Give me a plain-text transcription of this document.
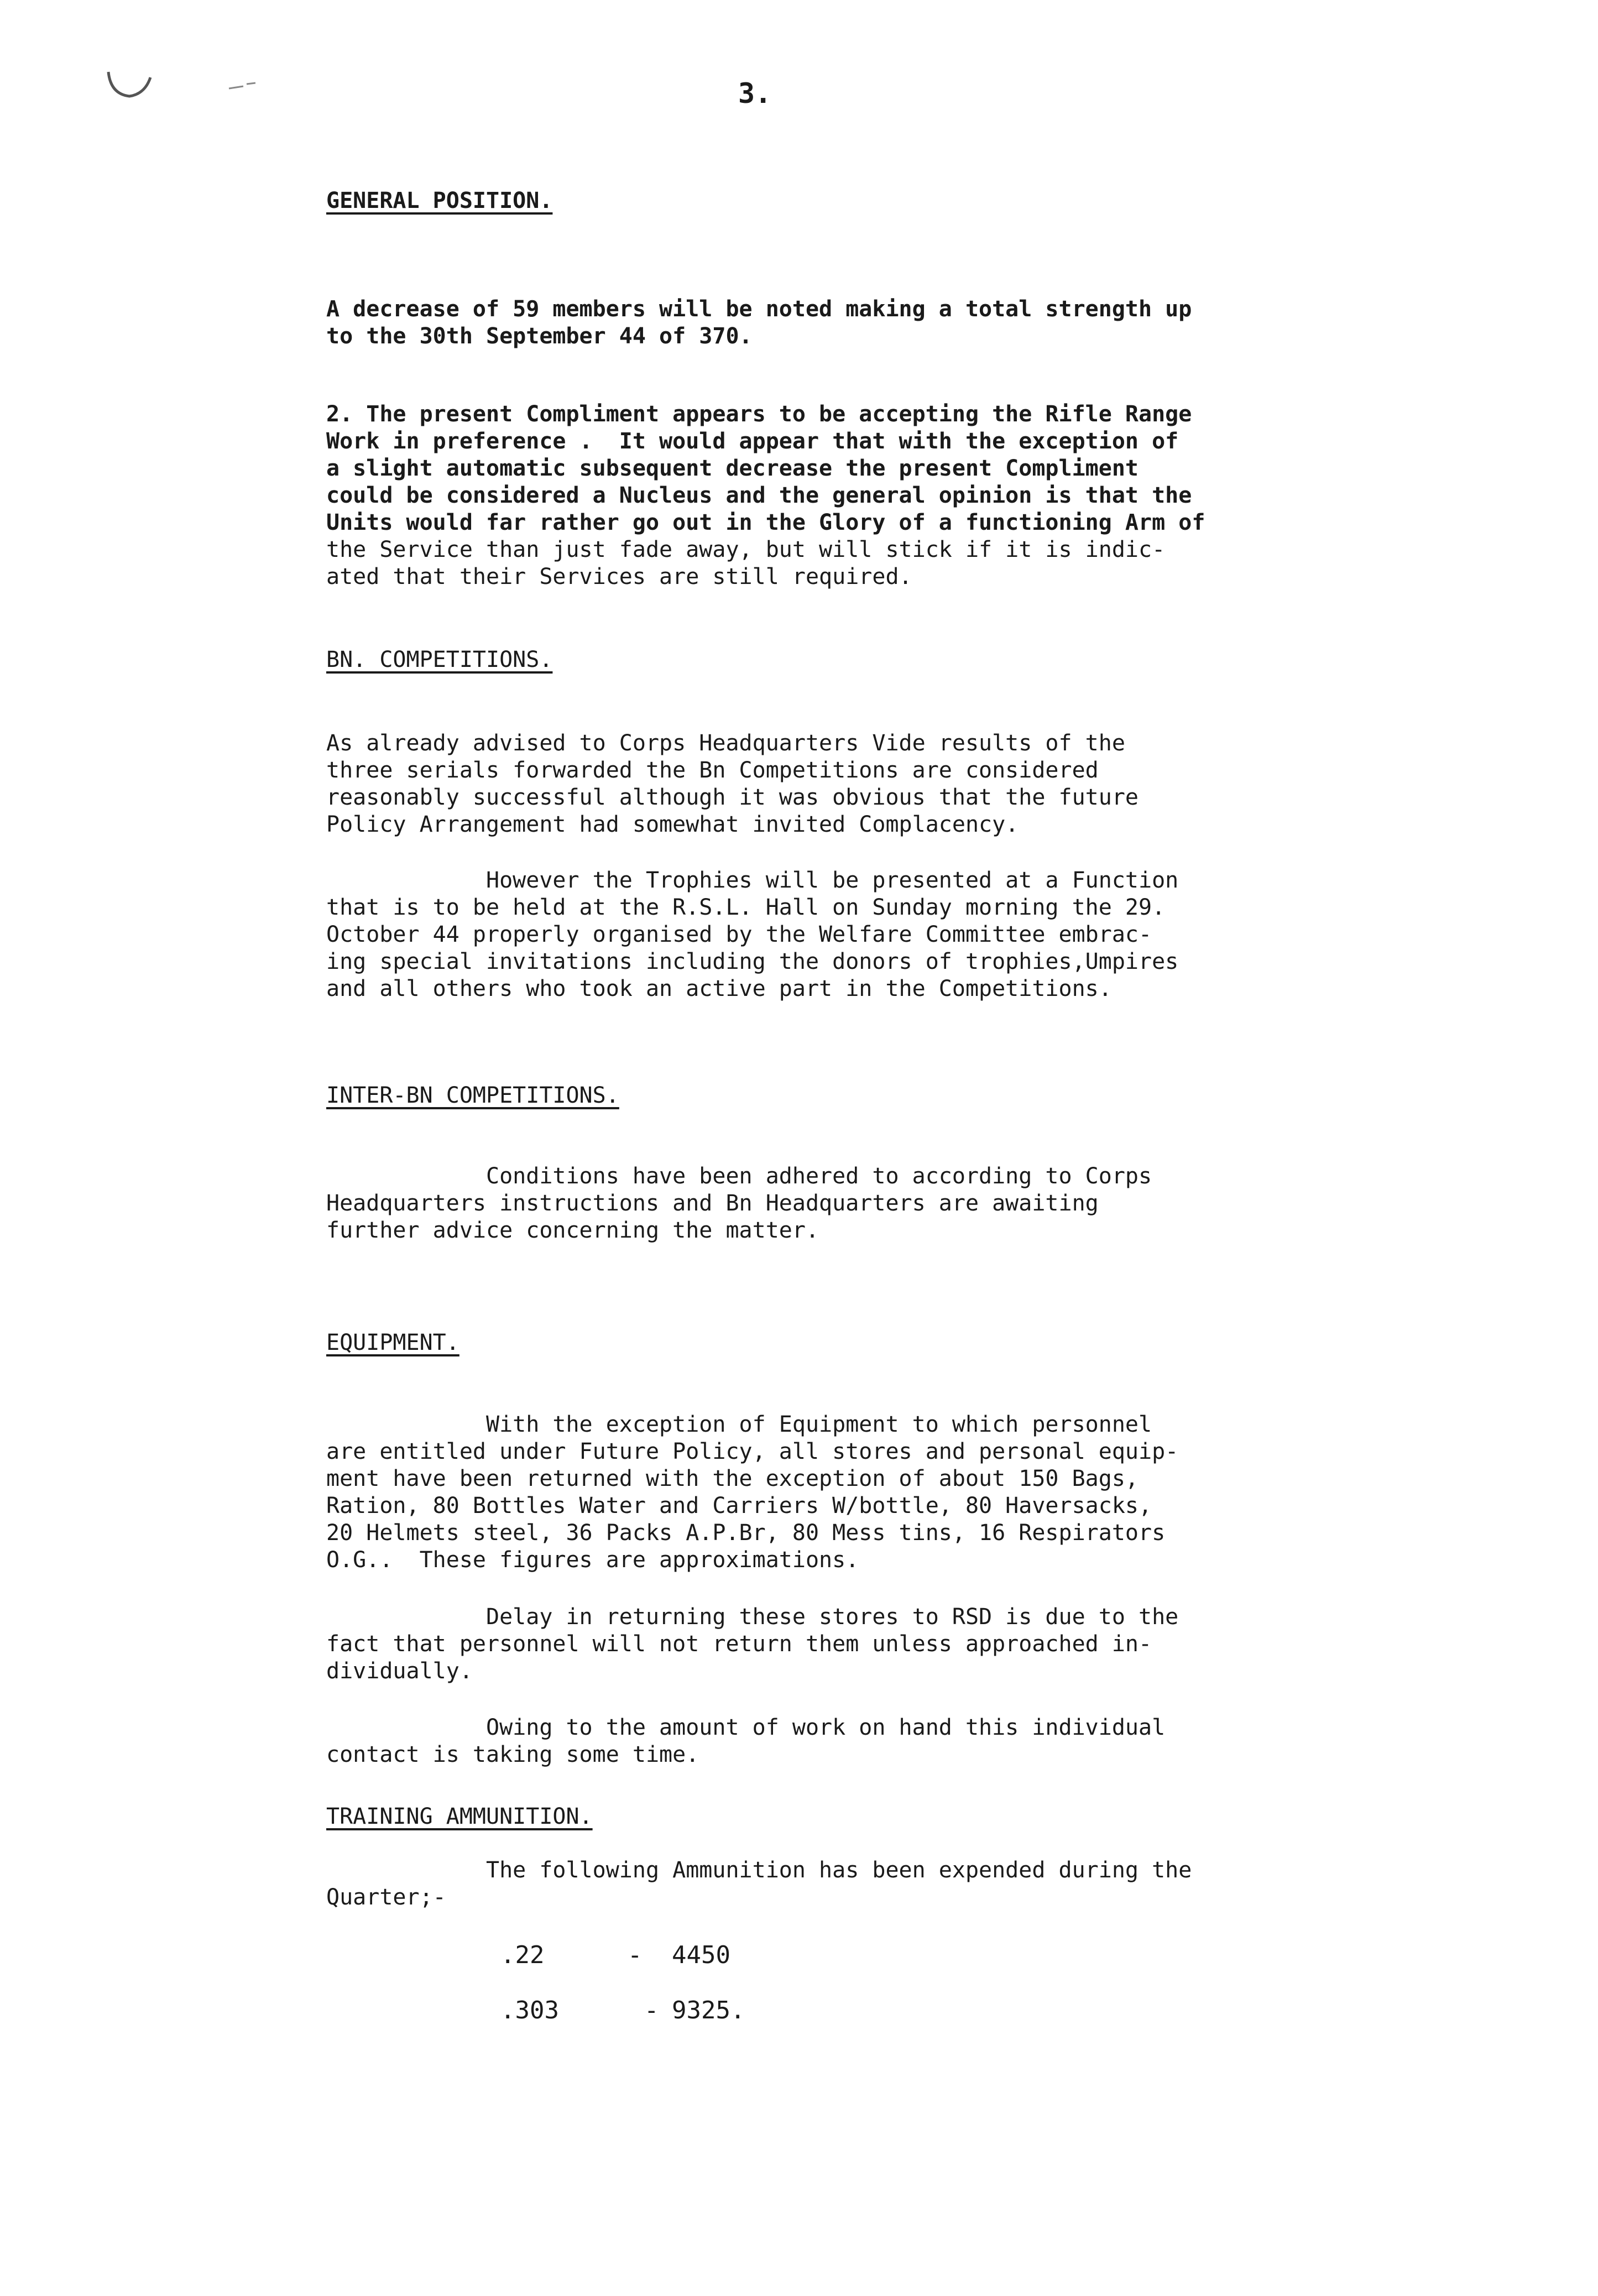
3.
GENERAL POSITION.

A decrease of 59 members will be noted making a total strength up
to the 30th September 44 of 370.

2. The present Compliment appears to be accepting the Rifle Range
Work in preference .  It would appear that with the exception of
a slight automatic subsequent decrease the present Compliment
could be considered a Nucleus and the general opinion is that the
Units would far rather go out in the Glory of a functioning Arm of
the Service than just fade away, but will stick if it is indic-
ated that their Services are still required.

BN. COMPETITIONS.

As already advised to Corps Headquarters Vide results of the
three serials forwarded the Bn Competitions are considered
reasonably successful although it was obvious that the future
Policy Arrangement had somewhat invited Complacency.

However the Trophies will be presented at a Function
that is to be held at the R.S.L. Hall on Sunday morning the 29.
October 44 properly organised by the Welfare Committee embrac-
ing special invitations including the donors of trophies,Umpires
and all others who took an active part in the Competitions.

INTER-BN COMPETITIONS.

Conditions have been adhered to according to Corps
Headquarters instructions and Bn Headquarters are awaiting
further advice concerning the matter.

EQUIPMENT.

With the exception of Equipment to which personnel
are entitled under Future Policy, all stores and personal equip-
ment have been returned with the exception of about 150 Bags,
Ration, 80 Bottles Water and Carriers W/bottle, 80 Haversacks,
20 Helmets steel, 36 Packs A.P.Br, 80 Mess tins, 16 Respirators
O.G..  These figures are approximations.

Delay in returning these stores to RSD is due to the
fact that personnel will not return them unless approached in-
dividually.

Owing to the amount of work on hand this individual
contact is taking some time.

TRAINING AMMUNITION.

The following Ammunition has been expended during the
Quarter;-

.22	- 4450
.303	- 9325.
